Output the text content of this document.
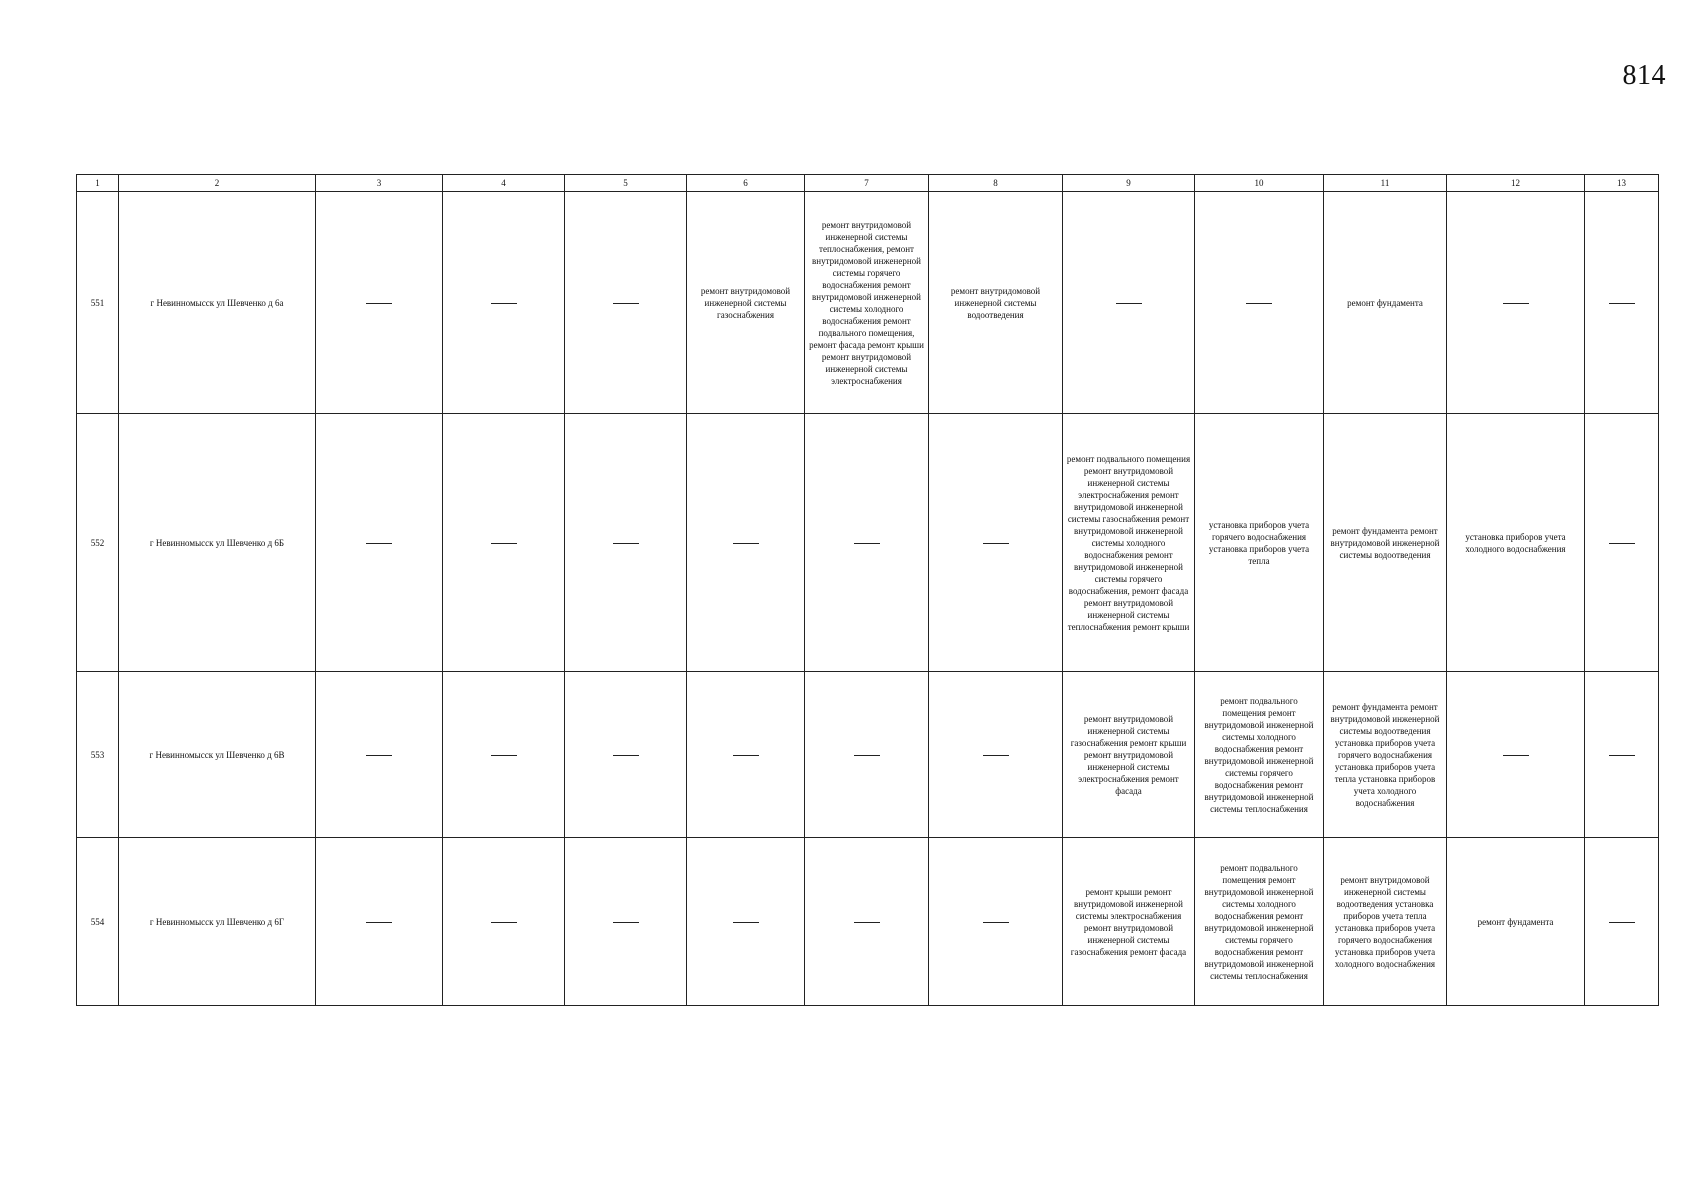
814
1	2	3	4	5	6	7	8	9	10	11	12	13
551	г Невинномысск ул Шевченко д 6а				ремонт внутридомовой инженерной системы газоснабжения	ремонт внутридомовой инженерной системы теплоснабжения, ремонт внутридомовой инженерной системы горячего водоснабжения ремонт внутридомовой инженерной системы холодного водоснабжения ремонт подвального помещения, ремонт фасада ремонт крыши ремонт внутридомовой инженерной системы электроснабжения	ремонт внутридомовой инженерной системы водоотведения			ремонт фундамента		
552	г Невинномысск ул Шевченко д 6Б							ремонт подвального помещения ремонт внутридомовой инженерной системы электроснабжения ремонт внутридомовой инженерной системы газоснабжения ремонт внутридомовой инженерной системы холодного водоснабжения ремонт внутридомовой инженерной системы горячего водоснабжения, ремонт фасада ремонт внутридомовой инженерной системы теплоснабжения ремонт крыши	установка приборов учета горячего водоснабжения установка приборов учета тепла	ремонт фундамента ремонт внутридомовой инженерной системы водоотведения	установка приборов учета холодного водоснабжения	
553	г Невинномысск ул Шевченко д 6В							ремонт внутридомовой инженерной системы газоснабжения ремонт крыши ремонт внутридомовой инженерной системы электроснабжения ремонт фасада	ремонт подвального помещения ремонт внутридомовой инженерной системы холодного водоснабжения ремонт внутридомовой инженерной системы горячего водоснабжения ремонт внутридомовой инженерной системы теплоснабжения	ремонт фундамента ремонт внутридомовой инженерной системы водоотведения установка приборов учета горячего водоснабжения установка приборов учета тепла установка приборов учета холодного водоснабжения		
554	г Невинномысск ул Шевченко д 6Г							ремонт крыши ремонт внутридомовой инженерной системы электроснабжения ремонт внутридомовой инженерной системы газоснабжения ремонт фасада	ремонт подвального помещения ремонт внутридомовой инженерной системы холодного водоснабжения ремонт внутридомовой инженерной системы горячего водоснабжения ремонт внутридомовой инженерной системы теплоснабжения	ремонт внутридомовой инженерной системы водоотведения установка приборов учета тепла установка приборов учета горячего водоснабжения установка приборов учета холодного водоснабжения	ремонт фундамента	
